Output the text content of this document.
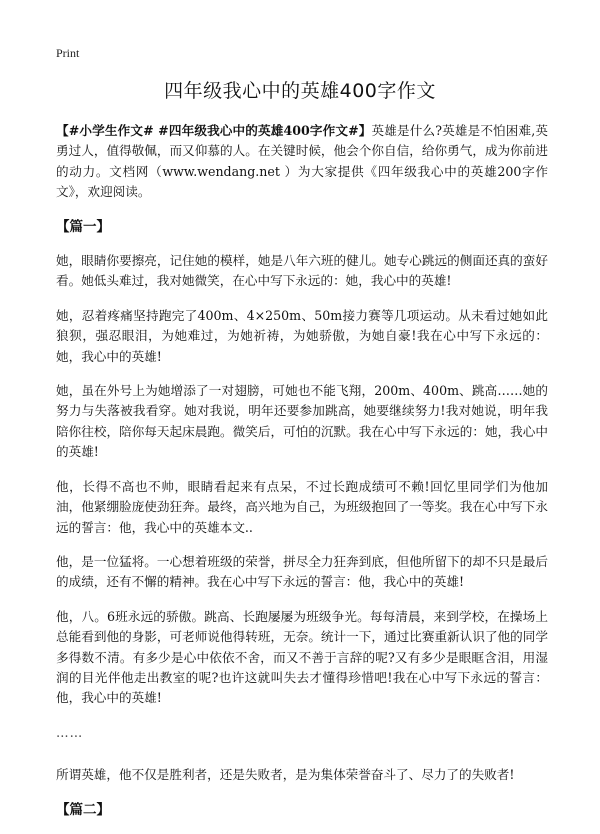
Print
四年级我心中的英雄400字作文

【#小学生作文# #四年级我心中的英雄400字作文#】英雄是什么?英雄是不怕困难,英勇过人，值得敬佩，而又仰慕的人。在关键时候，他会个你自信，给你勇气，成为你前进的动力。文档网（www.wendang.net ）为大家提供《四年级我心中的英雄200字作文》，欢迎阅读。

【篇一】

她，眼睛你要擦亮，记住她的模样，她是八年六班的健儿。她专心跳远的侧面还真的蛮好看。她低头难过，我对她微笑，在心中写下永远的：她，我心中的英雄!

她，忍着疼痛坚持跑完了400m、4×250m、50m接力赛等几项运动。从未看过她如此狼狈，强忍眼泪，为她难过，为她祈祷，为她骄傲，为她自豪!我在心中写下永远的：她，我心中的英雄!

她，虽在外号上为她增添了一对翅膀，可她也不能飞翔，200m、400m、跳高……她的努力与失落被我看穿。她对我说，明年还要参加跳高，她要继续努力!我对她说，明年我陪你往校，陪你每天起床晨跑。微笑后，可怕的沉默。我在心中写下永远的：她，我心中的英雄!

他，长得不高也不帅，眼睛看起来有点呆，不过长跑成绩可不赖!回忆里同学们为他加油，他紧绷脸庞使劲狂奔。最终，高兴地为自己，为班级抱回了一等奖。我在心中写下永远的誓言：他，我心中的英雄本文..

他，是一位猛将。一心想着班级的荣誉，拼尽全力狂奔到底，但他所留下的却不只是最后的成绩，还有不懈的精神。我在心中写下永远的誓言：他，我心中的英雄!

他，八。6班永远的骄傲。跳高、长跑屡屡为班级争光。每每清晨，来到学校，在操场上总能看到他的身影，可老师说他得转班，无奈。统计一下，通过比赛重新认识了他的同学多得数不清。有多少是心中依依不舍，而又不善于言辞的呢?又有多少是眼眶含泪，用湿润的目光伴他走出教室的呢?也许这就叫失去才懂得珍惜吧!我在心中写下永远的誓言：他，我心中的英雄!

……

所谓英雄，他不仅是胜利者，还是失败者，是为集体荣誉奋斗了、尽力了的失败者!

【篇二】
